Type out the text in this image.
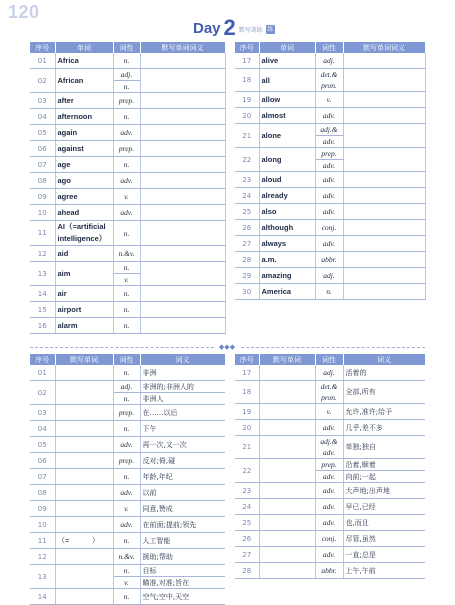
120
Day 2 默写训练 练
序号	单词	词性	默写单词词义
01	Africa	n.	
02	African	adj.	
		n.	
03	after	prep.	
04	afternoon	n.	
05	again	adv.	
06	against	prep.	
07	age	n.	
08	ago	adv.	
09	agree	v.	
10	ahead	adv.	
11	AI（=artificial intelligence）	n.	
12	aid	n.&v.	
13	aim	n.	
		v.	
14	air	n.	
15	airport	n.	
16	alarm	n.	
序号	单词	词性	默写单词词义
17	alive	adj.	
18	all	det.& pron.	
19	allow	v.	
20	almost	adv.	
21	alone	adj.&	
		adv.	
22	along	prep.	
		adv.	
23	aloud	adv.	
24	already	adv.	
25	also	adv.	
26	although	conj.	
27	always	adv.	
28	a.m.	abbr.	
29	amazing	adj.	
30	America	n.	
◆◆◆
序号	默写单词	词性	词义
01		n.	非洲
02		adj.	非洲的;非洲人的
		n.	非洲人
03		prep.	在……以后
04		n.	下午
05		adv.	再一次,又一次
06		prep.	反对;倚,碰
07		n.	年龄,年纪
08		adv.	以前
09		v.	同意,赞成
10		adv.	在前面;提前;领先
11	（=　　　）	n.	人工智能
12		n.&v.	援助;帮助
13		n.	目标
		v.	瞄准,对准;旨在
14		n.	空气;空中,天空
序号	默写单词	词性	词义
17		adj.	活着的
18		det.& pron.	全部,所有
19		v.	允许,准许;给予
20		adv.	几乎,差不多
21		adj.& adv.	单独;独自
22		prep.	沿着,顺着
		adv.	向前;一起
23		adv.	大声地;出声地
24		adv.	早已,已经
25		adv.	也,而且
26		conj.	尽管,虽然
27		adv.	一直;总是
28		abbr.	上午,午前
